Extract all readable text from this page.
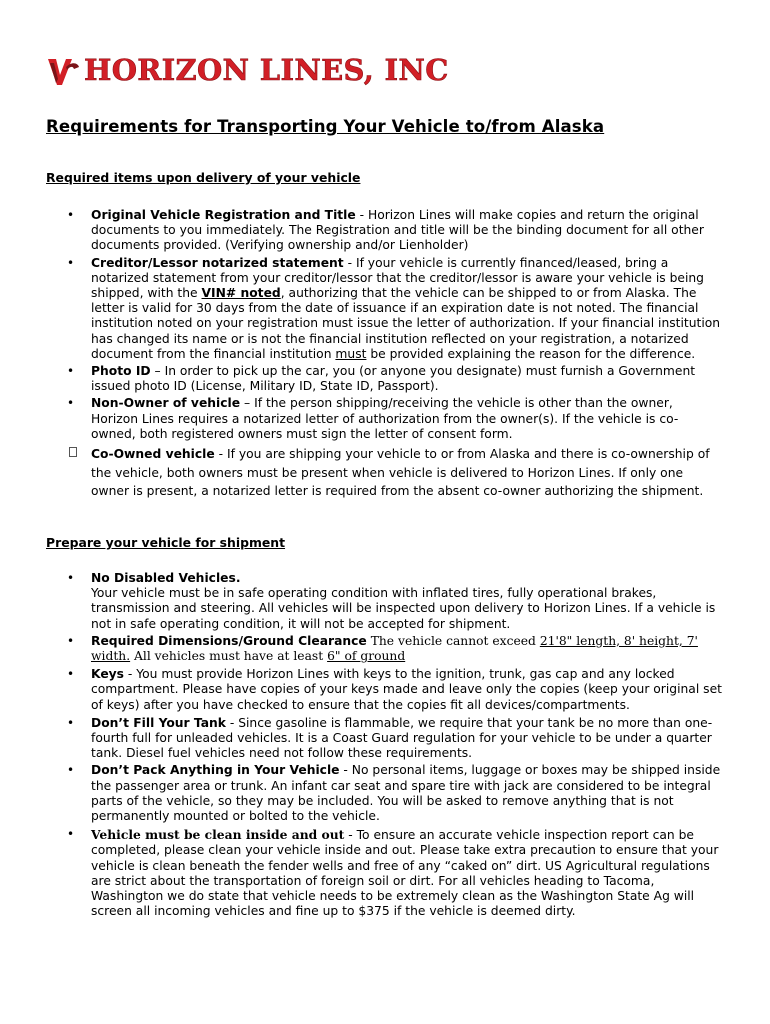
HORIZON LINES, INC
Requirements for Transporting Your Vehicle to/from Alaska
Required items upon delivery of your vehicle
• Original Vehicle Registration and Title - Horizon Lines will make copies and return the original documents to you immediately. The Registration and title will be the binding document for all other documents provided. (Verifying ownership and/or Lienholder)
• Creditor/Lessor notarized statement - If your vehicle is currently financed/leased, bring a notarized statement from your creditor/lessor that the creditor/lessor is aware your vehicle is being shipped, with the VIN# noted, authorizing that the vehicle can be shipped to or from Alaska. The letter is valid for 30 days from the date of issuance if an expiration date is not noted. The financial institution noted on your registration must issue the letter of authorization. If your financial institution has changed its name or is not the financial institution reflected on your registration, a notarized document from the financial institution must be provided explaining the reason for the difference.
• Photo ID – In order to pick up the car, you (or anyone you designate) must furnish a Government issued photo ID (License, Military ID, State ID, Passport).
• Non-Owner of vehicle – If the person shipping/receiving the vehicle is other than the owner, Horizon Lines requires a notarized letter of authorization from the owner(s). If the vehicle is co-owned, both registered owners must sign the letter of consent form.
Co-Owned vehicle - If you are shipping your vehicle to or from Alaska and there is co-ownership of the vehicle, both owners must be present when vehicle is delivered to Horizon Lines. If only one owner is present, a notarized letter is required from the absent co-owner authorizing the shipment.
Prepare your vehicle for shipment
• No Disabled Vehicles.
Your vehicle must be in safe operating condition with inflated tires, fully operational brakes, transmission and steering. All vehicles will be inspected upon delivery to Horizon Lines. If a vehicle is not in safe operating condition, it will not be accepted for shipment.
• Required Dimensions/Ground Clearance The vehicle cannot exceed 21'8" length, 8' height, 7' width. All vehicles must have at least 6" of ground
• Keys - You must provide Horizon Lines with keys to the ignition, trunk, gas cap and any locked compartment. Please have copies of your keys made and leave only the copies (keep your original set of keys) after you have checked to ensure that the copies fit all devices/compartments.
• Don’t Fill Your Tank - Since gasoline is flammable, we require that your tank be no more than one-fourth full for unleaded vehicles. It is a Coast Guard regulation for your vehicle to be under a quarter tank. Diesel fuel vehicles need not follow these requirements.
• Don’t Pack Anything in Your Vehicle - No personal items, luggage or boxes may be shipped inside the passenger area or trunk. An infant car seat and spare tire with jack are considered to be integral parts of the vehicle, so they may be included. You will be asked to remove anything that is not permanently mounted or bolted to the vehicle.
• Vehicle must be clean inside and out - To ensure an accurate vehicle inspection report can be completed, please clean your vehicle inside and out. Please take extra precaution to ensure that your vehicle is clean beneath the fender wells and free of any “caked on” dirt. US Agricultural regulations are strict about the transportation of foreign soil or dirt. For all vehicles heading to Tacoma, Washington we do state that vehicle needs to be extremely clean as the Washington State Ag will screen all incoming vehicles and fine up to $375 if the vehicle is deemed dirty.
